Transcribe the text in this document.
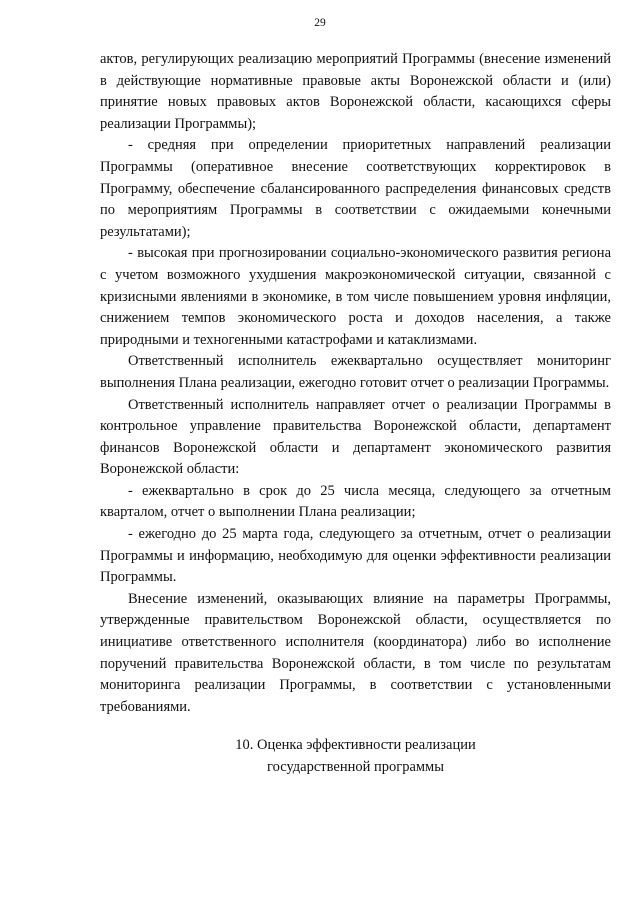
29

актов, регулирующих реализацию мероприятий Программы (внесение изменений в действующие нормативные правовые акты Воронежской области и (или) принятие новых правовых актов Воронежской области, касающихся сферы реализации Программы);

- средняя при определении приоритетных направлений реализации Программы (оперативное внесение соответствующих корректировок в Программу, обеспечение сбалансированного распределения финансовых средств по мероприятиям Программы в соответствии с ожидаемыми конечными результатами);

- высокая при прогнозировании социально-экономического развития региона с учетом возможного ухудшения макроэкономической ситуации, связанной с кризисными явлениями в экономике, в том числе повышением уровня инфляции, снижением темпов экономического роста и доходов населения, а также природными и техногенными катастрофами и катаклизмами.

Ответственный исполнитель ежеквартально осуществляет мониторинг выполнения Плана реализации, ежегодно готовит отчет о реализации Программы.

Ответственный исполнитель направляет отчет о реализации Программы в контрольное управление правительства Воронежской области, департамент финансов Воронежской области и департамент экономического развития Воронежской области:

- ежеквартально в срок до 25 числа месяца, следующего за отчетным кварталом, отчет о выполнении Плана реализации;

- ежегодно до 25 марта года, следующего за отчетным, отчет о реализации Программы и информацию, необходимую для оценки эффективности реализации Программы.

Внесение изменений, оказывающих влияние на параметры Программы, утвержденные правительством Воронежской области, осуществляется по инициативе ответственного исполнителя (координатора) либо во исполнение поручений правительства Воронежской области, в том числе по результатам мониторинга реализации Программы, в соответствии с установленными требованиями.

10. Оценка эффективности реализации
государственной программы
